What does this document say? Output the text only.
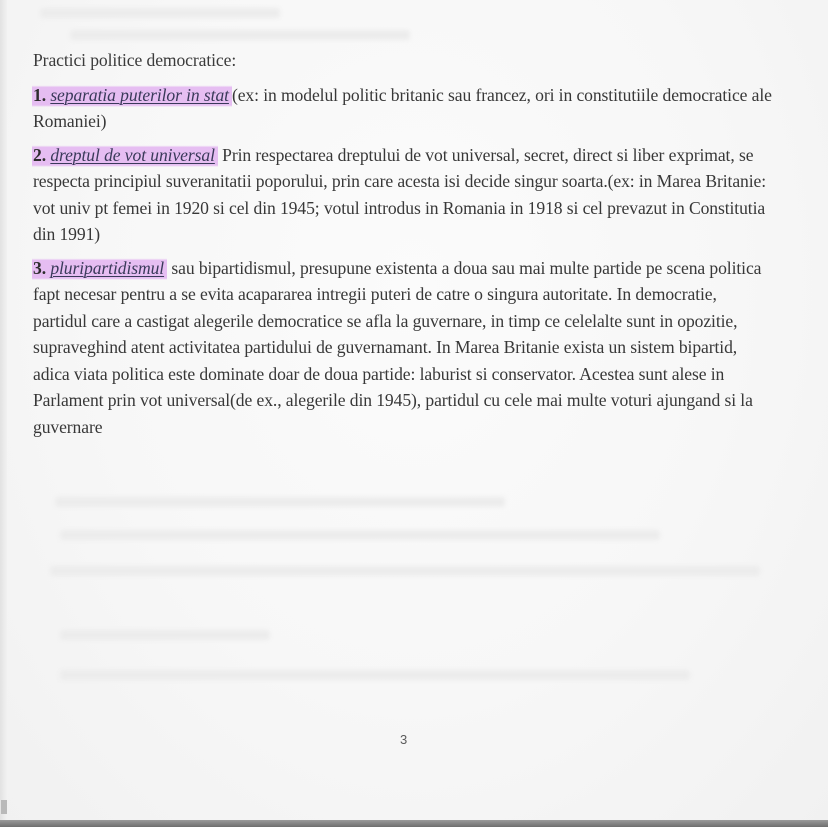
Practici politice democratice:

1. separatia puterilor in stat (ex: in modelul politic britanic sau francez, ori in constitutiile democratice ale Romaniei)

2. dreptul de vot universal Prin respectarea dreptului de vot universal, secret, direct si liber exprimat, se respecta principiul suveranitatii poporului, prin care acesta isi decide singur soarta.(ex: in Marea Britanie: vot univ pt femei in 1920 si cel din 1945; votul introdus in Romania in 1918 si cel prevazut in Constitutia din 1991)

3. pluripartidismul sau bipartidismul, presupune existenta a doua sau mai multe partide pe scena politica fapt necesar pentru a se evita acapararea intregii puteri de catre o singura autoritate. In democratie, partidul care a castigat alegerile democratice se afla la guvernare, in timp ce celelalte sunt in opozitie, supraveghind atent activitatea partidului de guvernamant. In Marea Britanie exista un sistem bipartid, adica viata politica este dominate doar de doua partide: laburist si conservator. Acestea sunt alese in Parlament prin vot universal(de ex., alegerile din 1945), partidul cu cele mai multe voturi ajungand si la guvernare

3
